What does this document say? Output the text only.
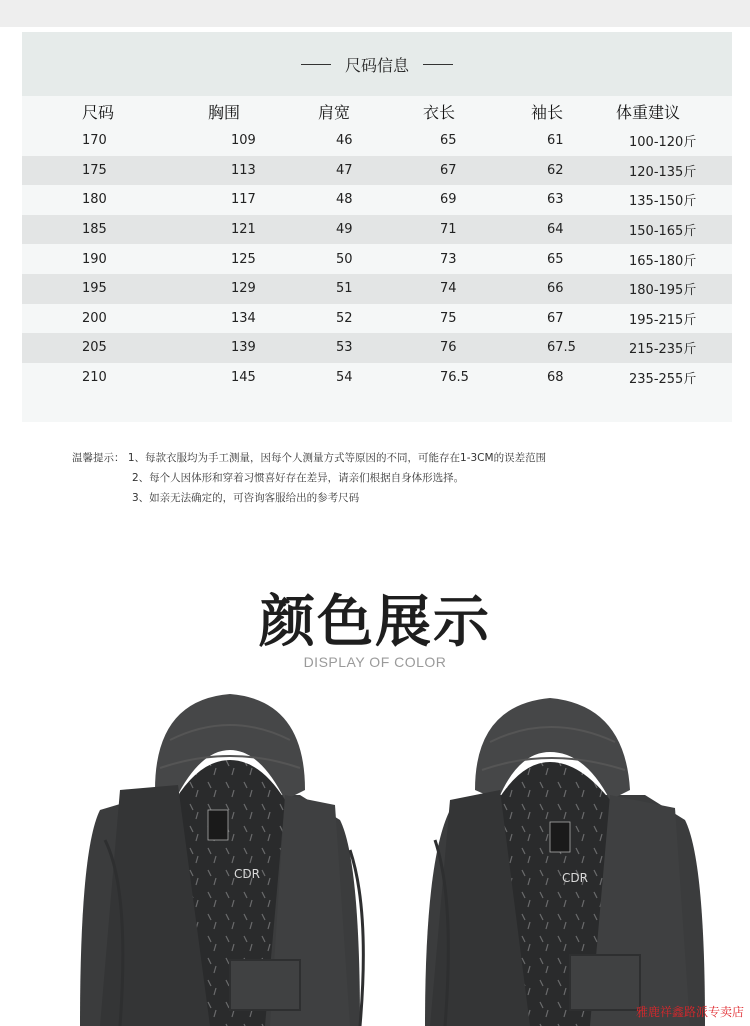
尺码信息
尺码	胸围	肩宽	衣长	袖长	体重建议
170	109	46	65	61	100-120斤
175	113	47	67	62	120-135斤
180	117	48	69	63	135-150斤
185	121	49	71	64	150-165斤
190	125	50	73	65	165-180斤
195	129	51	74	66	180-195斤
200	134	52	75	67	195-215斤
205	139	53	76	67.5	215-235斤
210	145	54	76.5	68	235-255斤
温馨提示： 1、每款衣服均为手工测量，因每个人测量方式等原因的不同，可能存在1-3CM的误差范围
2、每个人因体形和穿着习惯喜好存在差异，请亲们根据自身体形选择。
3、如亲无法确定的，可咨询客服给出的参考尺码
颜色展示
DISPLAY OF COLOR
CDR	CDR
雅鹿祥鑫路派专卖店
